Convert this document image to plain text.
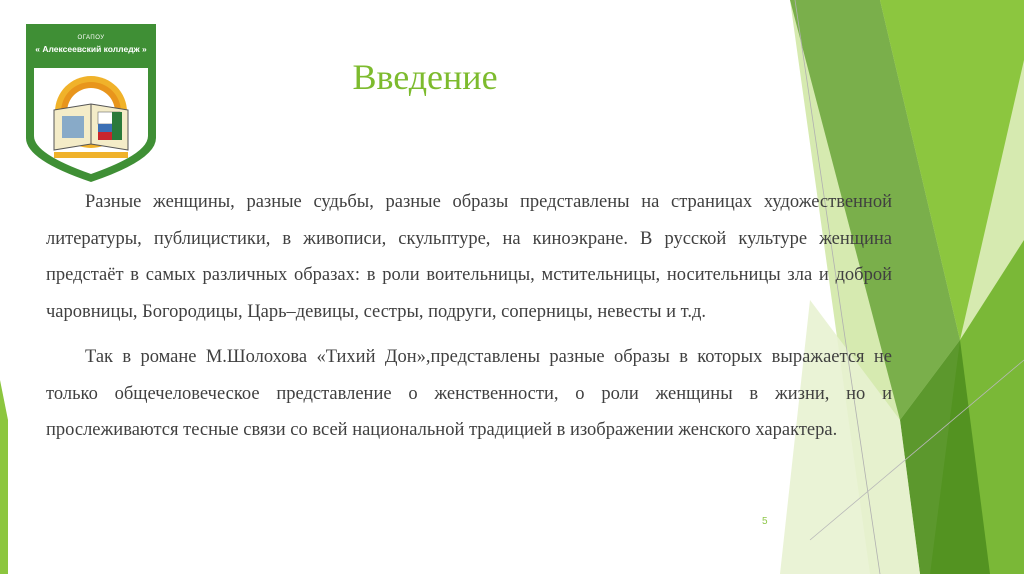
ОГАПОУ
« Алексеевский колледж »
Введение

Разные женщины, разные судьбы, разные образы представлены на страницах художественной литературы, публицистики, в живописи, скульптуре, на киноэкране. В русской культуре женщина предстаёт в самых различных образах: в роли воительницы, мстительницы, носительницы зла и доброй чаровницы, Богородицы, Царь–девицы, сестры, подруги, соперницы, невесты и т.д.

Так в романе М.Шолохова «Тихий Дон»,представлены разные образы в которых выражается не только общечеловеческое представление о женственности, о роли женщины в жизни, но и прослеживаются тесные связи со всей национальной традицией в изображении женского характера.

5
